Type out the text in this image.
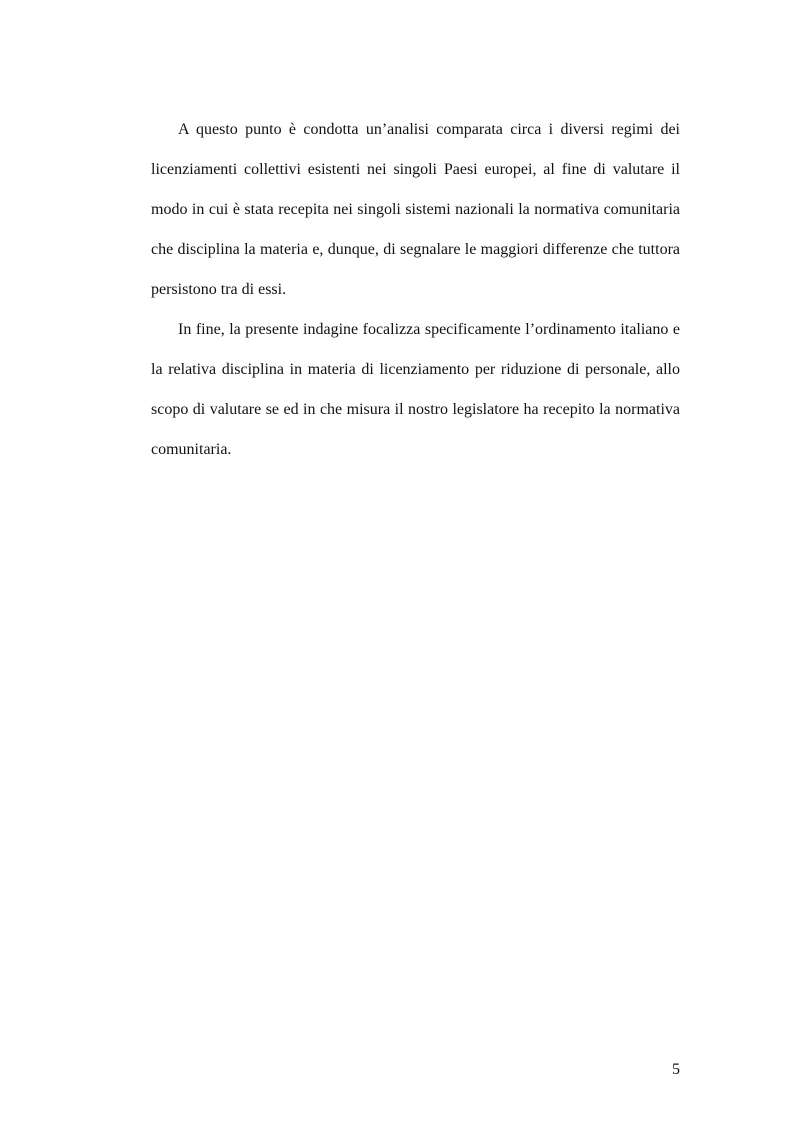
A questo punto è condotta un’analisi comparata circa i diversi regimi dei licenziamenti collettivi esistenti nei singoli Paesi europei, al fine di valutare il modo in cui è stata recepita nei singoli sistemi nazionali la normativa comunitaria che disciplina la materia e, dunque, di segnalare le maggiori differenze che tuttora persistono tra di essi.

In fine, la presente indagine focalizza specificamente l’ordinamento italiano e la relativa disciplina in materia di licenziamento per riduzione di personale, allo scopo di valutare se ed in che misura il nostro legislatore ha recepito la normativa comunitaria.

5
